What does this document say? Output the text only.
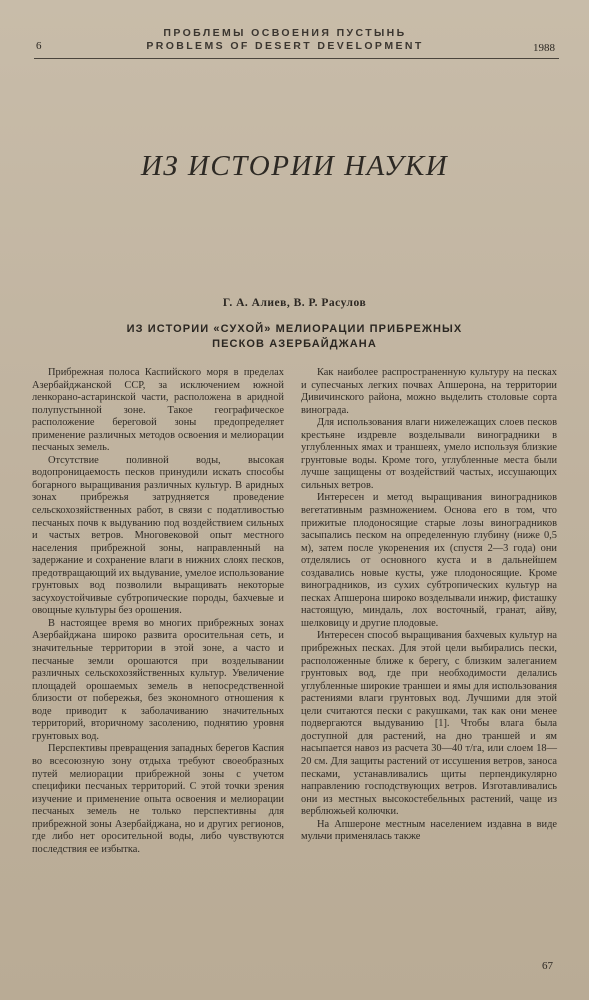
6
ПРОБЛЕМЫ ОСВОЕНИЯ ПУСТЫНЬ
PROBLEMS OF DESERT DEVELOPMENT	1988
ИЗ ИСТОРИИ НАУКИ
Г. А. Алиев, В. Р. Расулов
ИЗ ИСТОРИИ «СУХОЙ» МЕЛИОРАЦИИ ПРИБРЕЖНЫХ
ПЕСКОВ АЗЕРБАЙДЖАНА

Прибрежная полоса Каспийского моря в пределах Азербайджанской ССР, за исключением южной ленкорано-астаринской части, расположена в аридной полупустынной зоне. Такое географическое расположение береговой зоны предопределяет применение различных методов освоения и мелиорации песчаных земель.

Отсутствие поливной воды, высокая водопроницаемость песков принудили искать способы богарного выращивания различных культур. В аридных зонах прибрежья затрудняется проведение сельскохозяйственных работ, в связи с податливостью песчаных почв к выдуванию под воздействием сильных и частых ветров. Многовековой опыт местного населения прибрежной зоны, направленный на задержание и сохранение влаги в нижних слоях песков, предотвращающий их выдувание, умелое использование грунтовых вод позволили выращивать некоторые засухоустойчивые субтропические породы, бахчевые и овощные культуры без орошения.

В настоящее время во многих прибрежных зонах Азербайджана широко развита оросительная сеть, и значительные территории в этой зоне, а часто и песчаные земли орошаются при возделывании различных сельскохозяйственных культур. Увеличение площадей орошаемых земель в непосредственной близости от побережья, без экономного отношения к воде приводит к заболачиванию значительных территорий, вторичному засолению, поднятию уровня грунтовых вод.

Перспективы превращения западных берегов Каспия во всесоюзную зону отдыха требуют своеобразных путей мелиорации прибрежной зоны с учетом специфики песчаных территорий. С этой точки зрения изучение и применение опыта освоения и мелиорации песчаных земель не только перспективны для прибрежной зоны Азербайджана, но и других регионов, где либо нет оросительной воды, либо чувствуются последствия ее избытка.

Как наиболее распространенную культуру на песках и супесчаных легких почвах Апшерона, на территории Дивичинского района, можно выделить столовые сорта винограда.

Для использования влаги нижележащих слоев песков крестьяне издревле возделывали виноградники в углубленных ямах и траншеях, умело используя близкие грунтовые воды. Кроме того, углубленные места были лучше защищены от воздействий частых, иссушающих сильных ветров.

Интересен и метод выращивания виноградников вегетативным размножением. Основа его в том, что прижитые плодоносящие старые лозы виноградников засыпались песком на определенную глубину (ниже 0,5 м), затем после укоренения их (спустя 2—3 года) они отделялись от основного куста и в дальнейшем создавались новые кусты, уже плодоносящие. Кроме виноградников, из сухих субтропических культур на песках Апшерона широко возделывали инжир, фисташку настоящую, миндаль, лох восточный, гранат, айву, шелковицу и другие плодовые.

Интересен способ выращивания бахчевых культур на прибрежных песках. Для этой цели выбирались пески, расположенные ближе к берегу, с близким залеганием грунтовых вод, где при необходимости делались углубленные широкие траншеи и ямы для использования растениями влаги грунтовых вод. Лучшими для этой цели считаются пески с ракушками, так как они менее подвергаются выдуванию [1]. Чтобы влага была доступной для растений, на дно траншей и ям насыпается навоз из расчета 30—40 т/га, или слоем 18—20 см. Для защиты растений от иссушения ветров, заноса песками, устанавливались щиты перпендикулярно направлению господствующих ветров. Изготавливались они из местных высокостебельных растений, чаще из верблюжьей колючки.

На Апшероне местным населением издавна в виде мульчи применялась также

67
